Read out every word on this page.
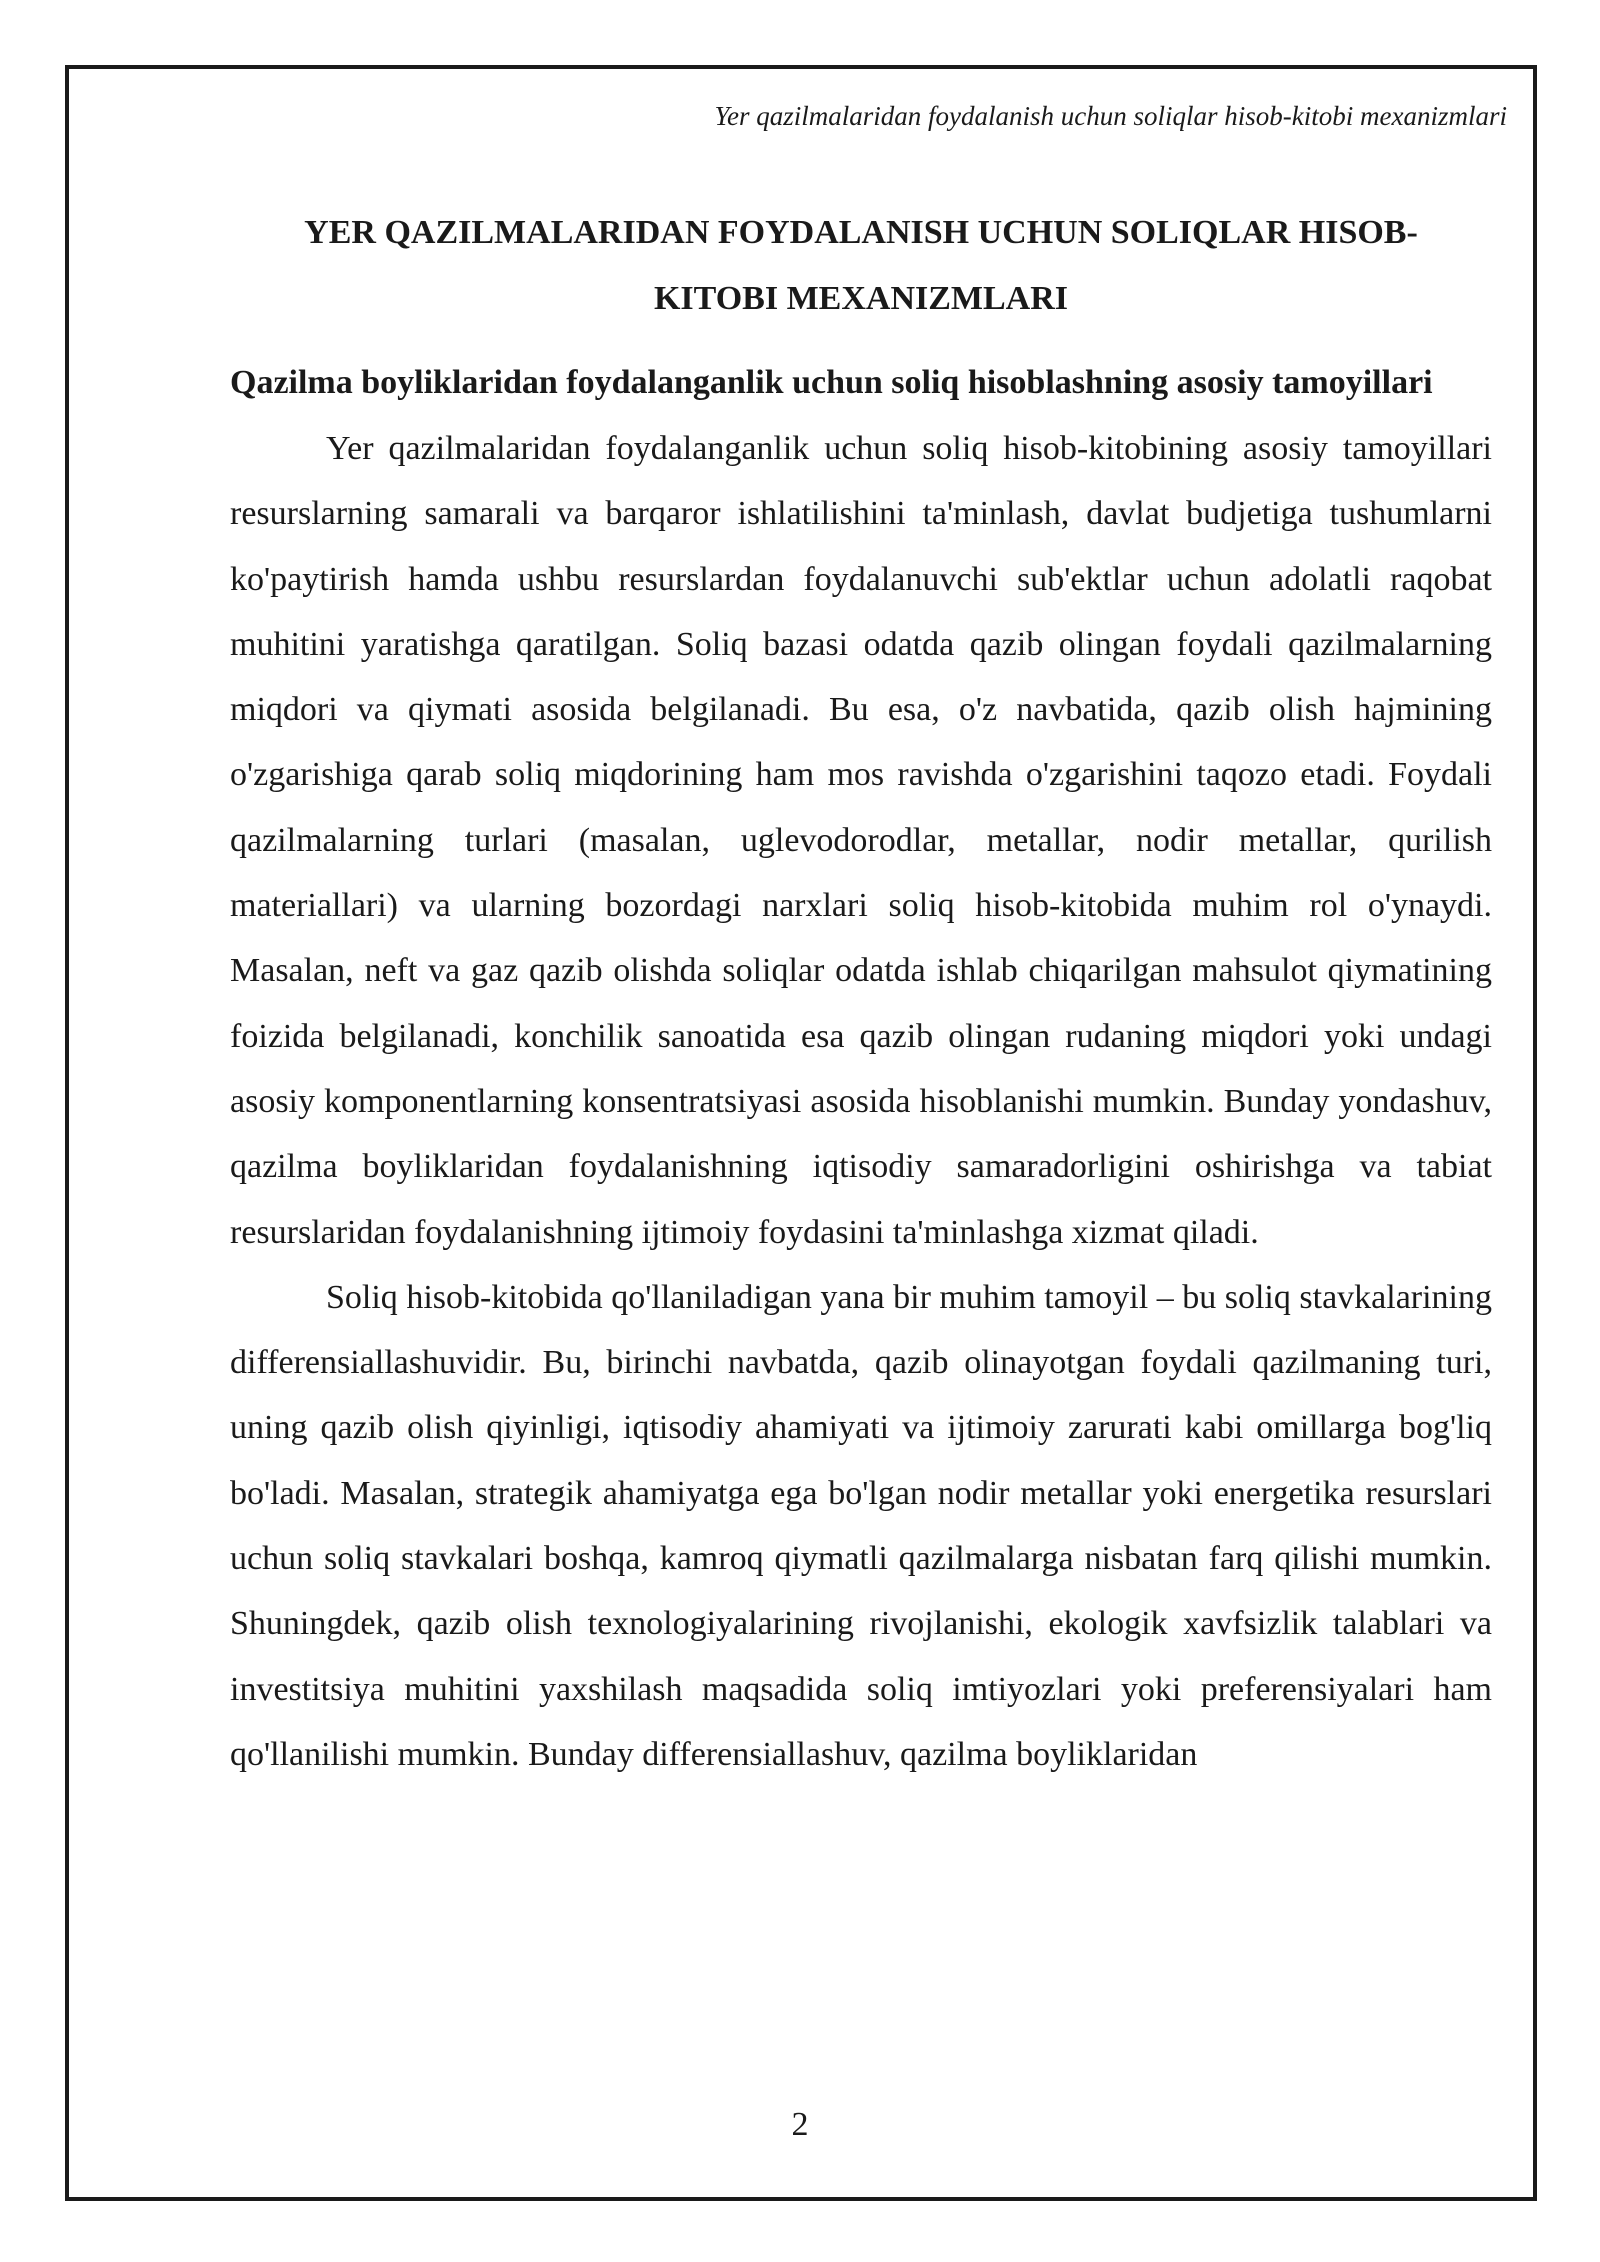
Yer qazilmalaridan foydalanish uchun soliqlar hisob-kitobi mexanizmlari
YER QAZILMALARIDAN FOYDALANISH UCHUN SOLIQLAR HISOB-
KITOBI MEXANIZMLARI
Qazilma boyliklaridan foydalanganlik uchun soliq hisoblashning asosiy tamoyillari

Yer qazilmalaridan foydalanganlik uchun soliq hisob-kitobining asosiy tamoyillari resurslarning samarali va barqaror ishlatilishini ta'minlash, davlat budjetiga tushumlarni ko'paytirish hamda ushbu resurslardan foydalanuvchi sub'ektlar uchun adolatli raqobat muhitini yaratishga qaratilgan. Soliq bazasi odatda qazib olingan foydali qazilmalarning miqdori va qiymati asosida belgilanadi. Bu esa, o'z navbatida, qazib olish hajmining o'zgarishiga qarab soliq miqdorining ham mos ravishda o'zgarishini taqozo etadi. Foydali qazilmalarning turlari (masalan, uglevodorodlar, metallar, nodir metallar, qurilish materiallari) va ularning bozordagi narxlari soliq hisob-kitobida muhim rol o'ynaydi. Masalan, neft va gaz qazib olishda soliqlar odatda ishlab chiqarilgan mahsulot qiymatining foizida belgilanadi, konchilik sanoatida esa qazib olingan rudaning miqdori yoki undagi asosiy komponentlarning konsentratsiyasi asosida hisoblanishi mumkin. Bunday yondashuv, qazilma boyliklaridan foydalanishning iqtisodiy samaradorligini oshirishga va tabiat resurslaridan foydalanishning ijtimoiy foydasini ta'minlashga xizmat qiladi.

Soliq hisob-kitobida qo'llaniladigan yana bir muhim tamoyil – bu soliq stavkalarining differensiallashuvidir. Bu, birinchi navbatda, qazib olinayotgan foydali qazilmaning turi, uning qazib olish qiyinligi, iqtisodiy ahamiyati va ijtimoiy zarurati kabi omillarga bog'liq bo'ladi. Masalan, strategik ahamiyatga ega bo'lgan nodir metallar yoki energetika resurslari uchun soliq stavkalari boshqa, kamroq qiymatli qazilmalarga nisbatan farq qilishi mumkin. Shuningdek, qazib olish texnologiyalarining rivojlanishi, ekologik xavfsizlik talablari va investitsiya muhitini yaxshilash maqsadida soliq imtiyozlari yoki preferensiyalari ham qo'llanilishi mumkin. Bunday differensiallashuv, qazilma boyliklaridan

2
